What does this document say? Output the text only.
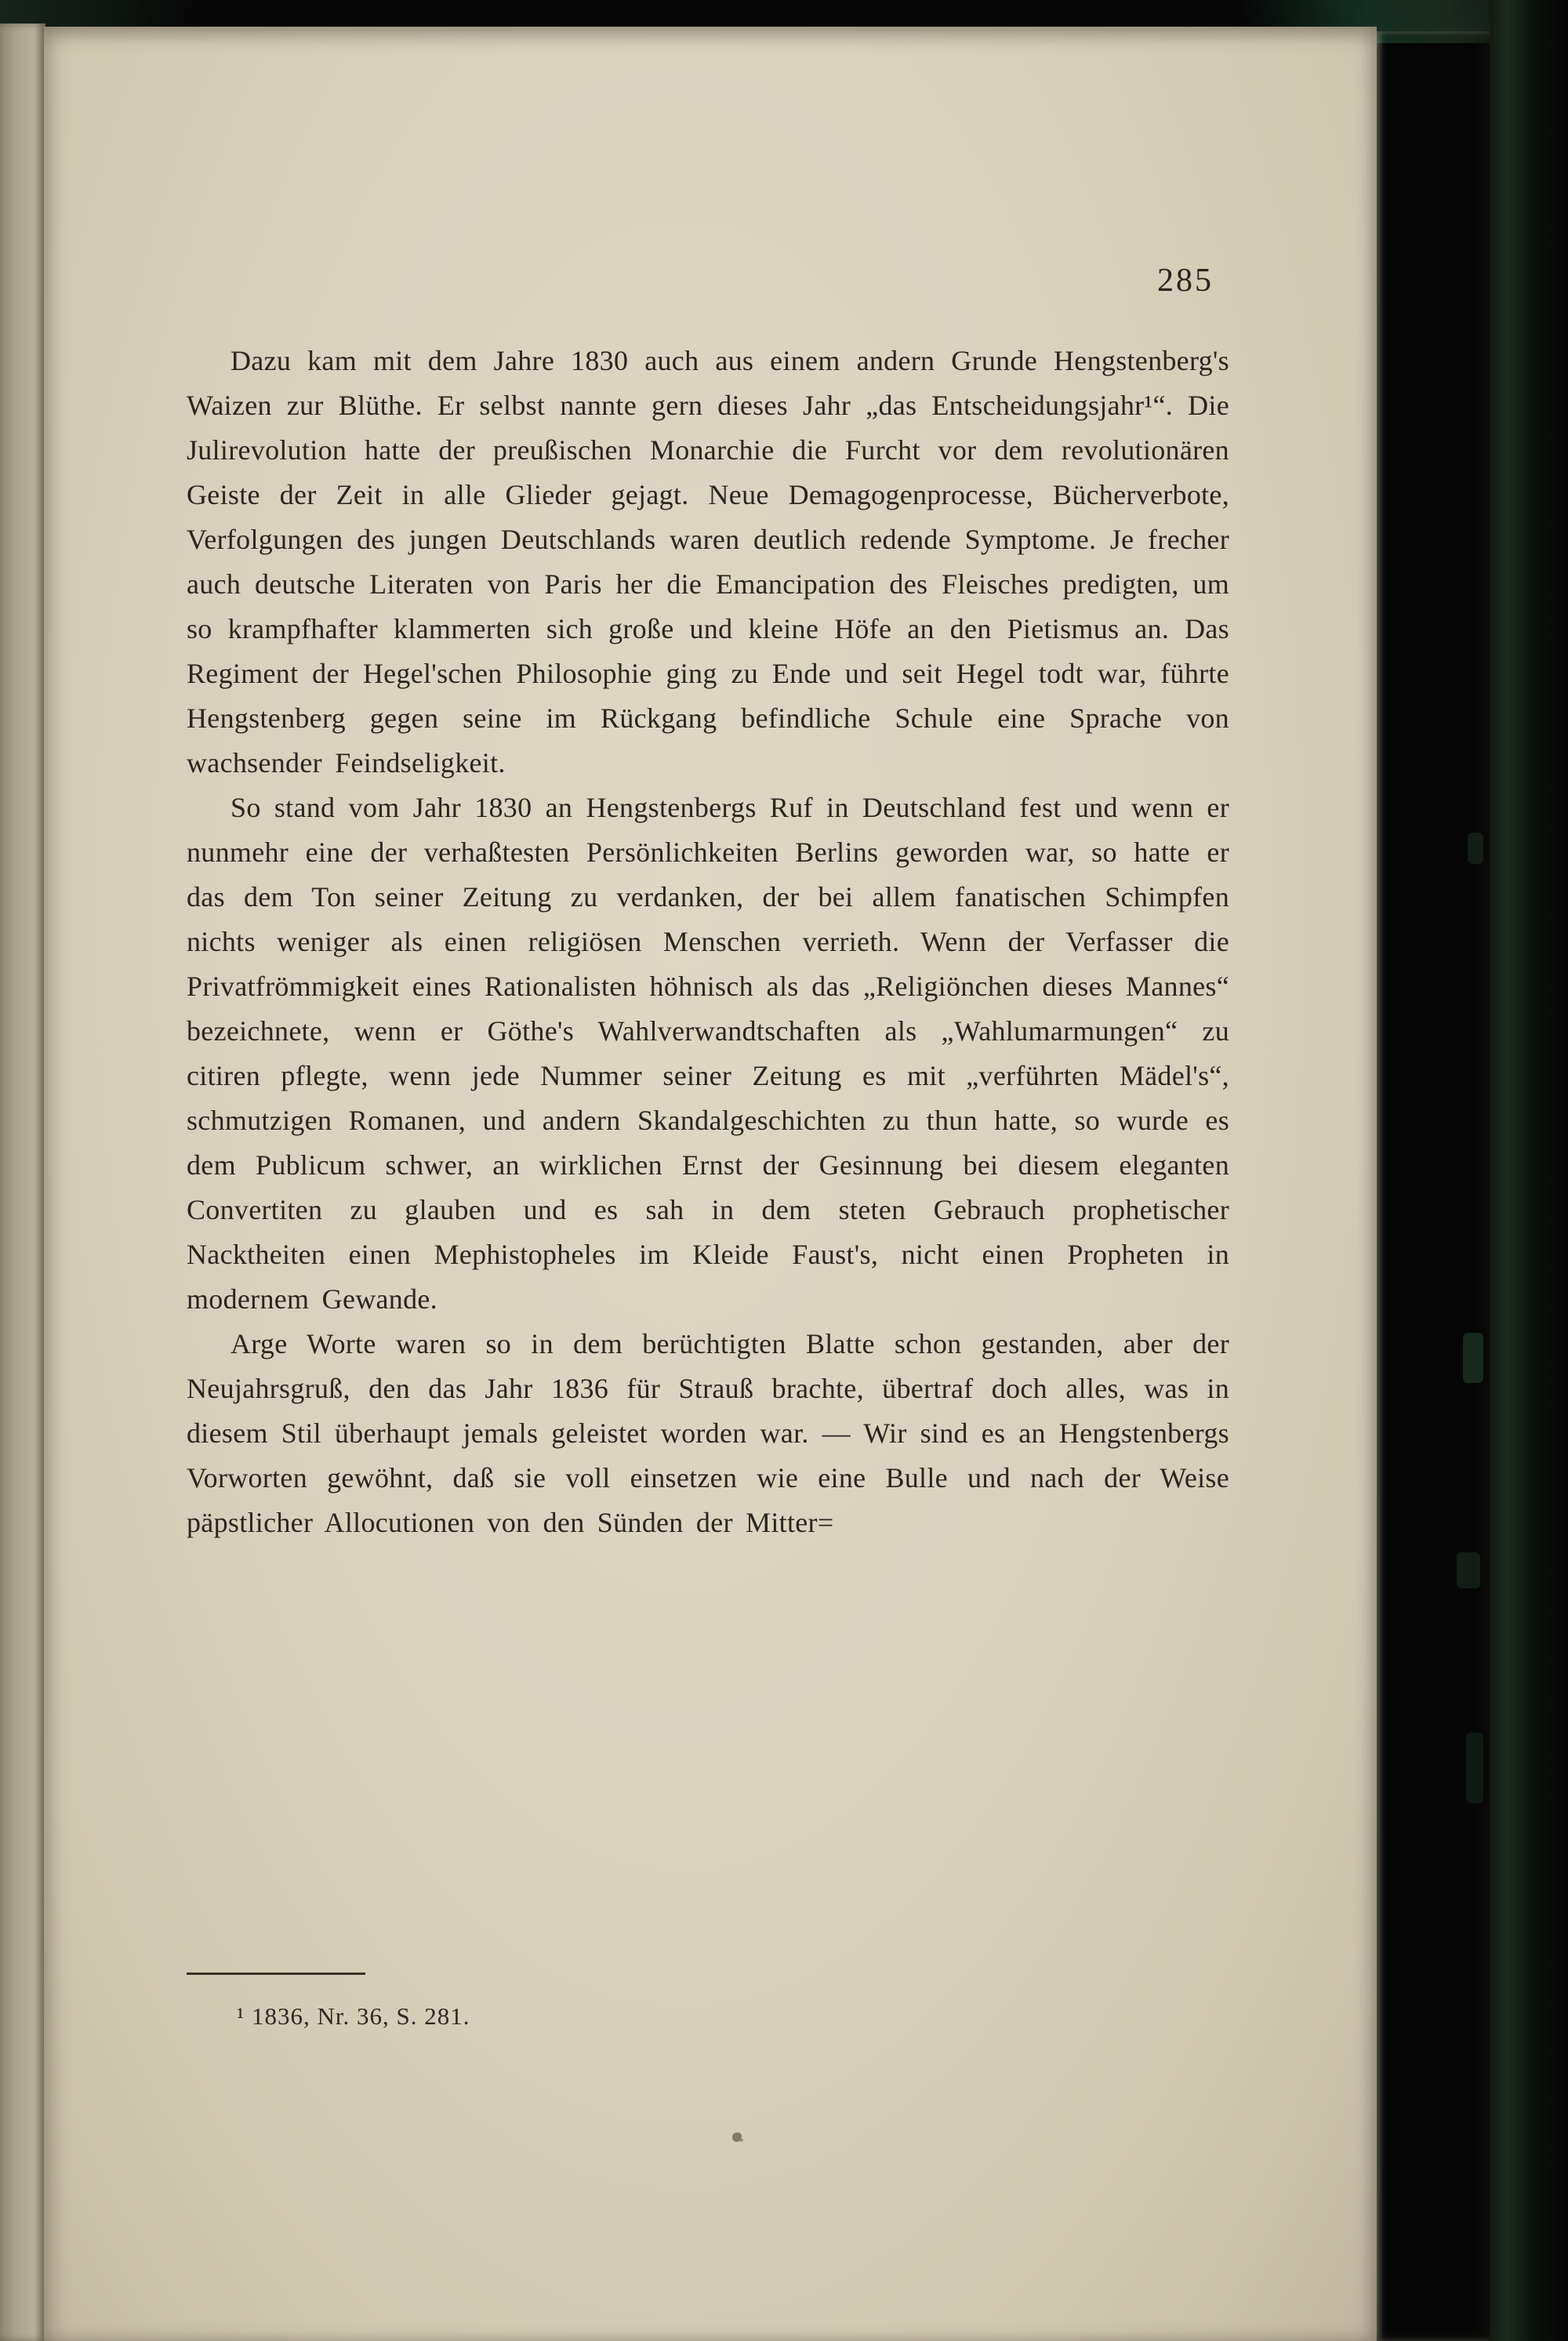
285

Dazu kam mit dem Jahre 1830 auch aus einem andern Grunde Hengstenberg's Waizen zur Blüthe. Er selbst nannte gern dieses Jahr „das Entscheidungsjahr¹“. Die Julirevolution hatte der preußischen Monarchie die Furcht vor dem revolutionären Geiste der Zeit in alle Glieder gejagt. Neue Demagogenprocesse, Bücherverbote, Verfolgungen des jungen Deutschlands waren deutlich redende Symptome. Je frecher auch deutsche Literaten von Paris her die Emancipation des Fleisches predigten, um so krampfhafter klammerten sich große und kleine Höfe an den Pietismus an. Das Regiment der Hegel'schen Philosophie ging zu Ende und seit Hegel todt war, führte Hengstenberg gegen seine im Rückgang befindliche Schule eine Sprache von wachsender Feindseligkeit.

So stand vom Jahr 1830 an Hengstenbergs Ruf in Deutschland fest und wenn er nunmehr eine der verhaßtesten Persönlichkeiten Berlins geworden war, so hatte er das dem Ton seiner Zeitung zu verdanken, der bei allem fanatischen Schimpfen nichts weniger als einen religiösen Menschen verrieth. Wenn der Verfasser die Privatfrömmigkeit eines Rationalisten höhnisch als das „Religiönchen dieses Mannes“ bezeichnete, wenn er Göthe's Wahlverwandtschaften als „Wahlumarmungen“ zu citiren pflegte, wenn jede Nummer seiner Zeitung es mit „verführten Mädel's“, schmutzigen Romanen, und andern Skandalgeschichten zu thun hatte, so wurde es dem Publicum schwer, an wirklichen Ernst der Gesinnung bei diesem eleganten Convertiten zu glauben und es sah in dem steten Gebrauch prophetischer Nacktheiten einen Mephistopheles im Kleide Faust's, nicht einen Propheten in modernem Gewande.

Arge Worte waren so in dem berüchtigten Blatte schon gestanden, aber der Neujahrsgruß, den das Jahr 1836 für Strauß brachte, übertraf doch alles, was in diesem Stil überhaupt jemals geleistet worden war. — Wir sind es an Hengstenbergs Vorworten gewöhnt, daß sie voll einsetzen wie eine Bulle und nach der Weise päpstlicher Allocutionen von den Sünden der Mitter=

¹ 1836, Nr. 36, S. 281.
